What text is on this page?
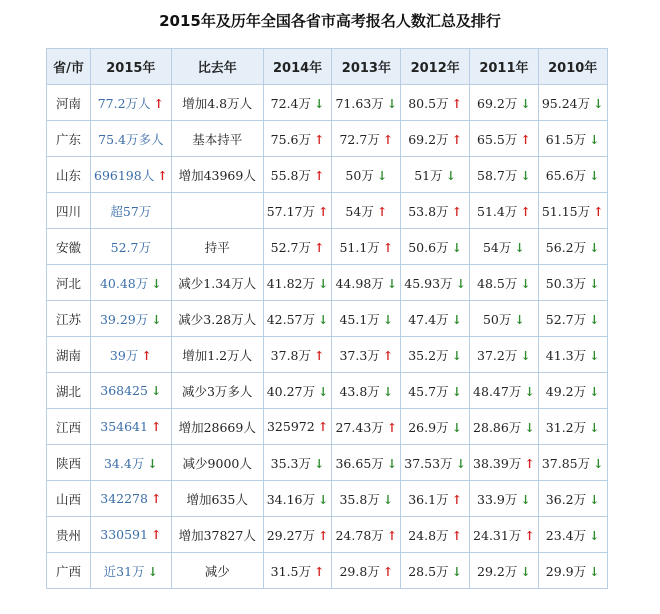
2015年及历年全国各省市高考报名人数汇总及排行
省/市	2015年	比去年	2014年	2013年	2012年	2011年	2010年
河南	77.2万人 ↑	增加4.8万人	72.4万 ↓	71.63万 ↓	80.5万 ↑	69.2万 ↓	95.24万 ↓
广东	75.4万多人	基本持平	75.6万 ↑	72.7万 ↑	69.2万 ↑	65.5万 ↑	61.5万 ↓
山东	696198人 ↑	增加43969人	55.8万 ↑	50万 ↓	51万 ↓	58.7万 ↓	65.6万 ↓
四川	超57万		57.17万 ↑	54万 ↑	53.8万 ↑	51.4万 ↑	51.15万 ↑
安徽	52.7万	持平	52.7万 ↑	51.1万 ↑	50.6万 ↓	54万 ↓	56.2万 ↓
河北	40.48万 ↓	减少1.34万人	41.82万 ↓	44.98万 ↓	45.93万 ↓	48.5万 ↓	50.3万 ↓
江苏	39.29万 ↓	减少3.28万人	42.57万 ↓	45.1万 ↓	47.4万 ↓	50万 ↓	52.7万 ↓
湖南	39万 ↑	增加1.2万人	37.8万 ↑	37.3万 ↑	35.2万 ↓	37.2万 ↓	41.3万 ↓
湖北	368425 ↓	减少3万多人	40.27万 ↓	43.8万 ↓	45.7万 ↓	48.47万 ↓	49.2万 ↓
江西	354641 ↑	增加28669人	325972 ↑	27.43万 ↑	26.9万 ↓	28.86万 ↓	31.2万 ↓
陕西	34.4万 ↓	减少9000人	35.3万 ↓	36.65万 ↓	37.53万 ↓	38.39万 ↑	37.85万 ↓
山西	342278 ↑	增加635人	34.16万 ↓	35.8万 ↓	36.1万 ↑	33.9万 ↓	36.2万 ↓
贵州	330591 ↑	增加37827人	29.27万 ↑	24.78万 ↑	24.8万 ↑	24.31万 ↑	23.4万 ↓
广西	近31万 ↓	减少	31.5万 ↑	29.8万 ↑	28.5万 ↓	29.2万 ↓	29.9万 ↓
